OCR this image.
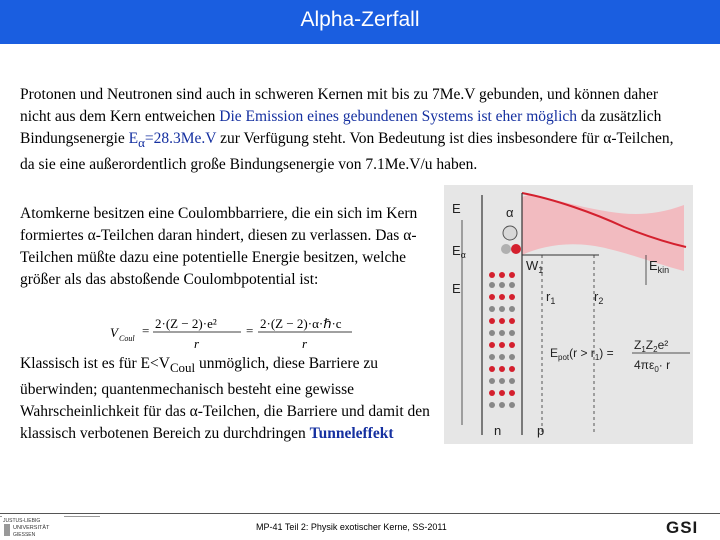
Alpha-Zerfall

Protonen und Neutronen sind auch in schweren Kernen mit bis zu 7Me.V gebunden, und können daher nicht aus dem Kern entweichen Die Emission eines gebundenen Systems ist eher möglich da zusätzlich Bindungsenergie $E_\alpha=28.3Me.V$ zur Verfügung steht. Von Bedeutung ist dies insbesondere für α-Teilchen, da sie eine außerordentlich große Bindungsenergie von 7.1Me.V/u haben.

Atomkerne besitzen eine Coulombbarriere, die ein sich im Kern formiertes α-Teilchen daran hindert, diesen zu verlassen. Das α-Teilchen müßte dazu eine potentielle Energie besitzen, welche größer als das abstoßende Coulombpotential ist:

V Coul
= 2·(Z − 2)·e²
r
= 2·(Z − 2)·α·ℏ·c
r

Klassisch ist es für $E<V_{Coul}$ unmöglich, diese Barriere zu überwinden; quantenmechanisch besteht eine gewisse Wahrscheinlichkeit für das α-Teilchen, die Barriere und damit den klassisch verbotenen Bereich zu durchdringen Tunneleffekt

E
$E_\alpha$
α
$W_1$	$E_{kin}$
E
$r_1$	$r_2$
$E_{pot}(r > r_1)$ =
$Z_1Z_2e^2$
$4\pi\varepsilon_0\cdot r$
n	p
JUSTUS-LIEBIG
UNIVERSITÄT
GIESSEN
MP-41 Teil 2: Physik exotischer Kerne, SS-2011	GSI
